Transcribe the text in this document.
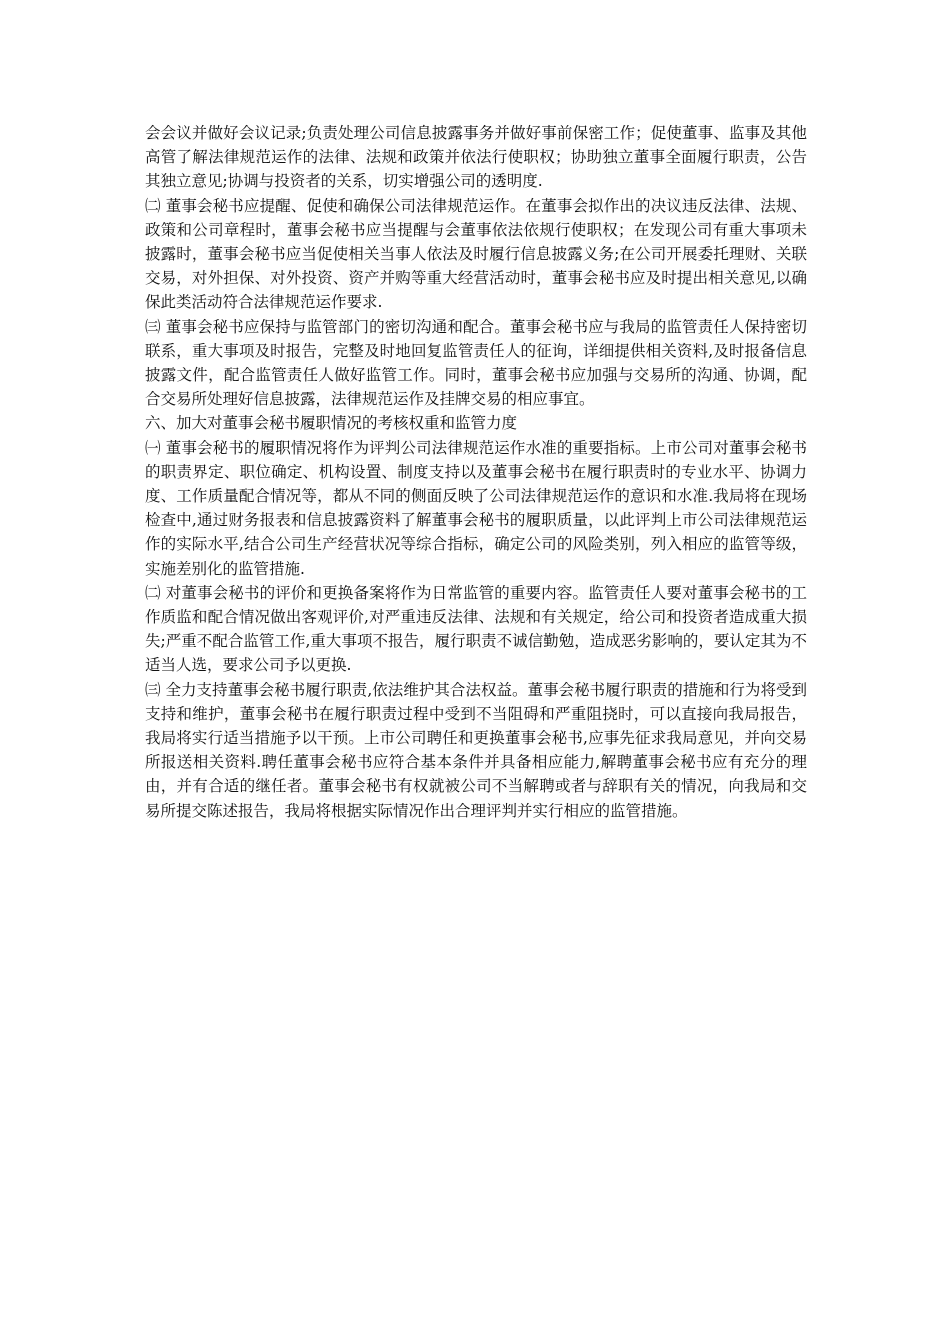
会会议并做好会议记录;负责处理公司信息披露事务并做好事前保密工作；促使董事、监事及其他高管了解法律规范运作的法律、法规和政策并依法行使职权；协助独立董事全面履行职责，公告其独立意见;协调与投资者的关系，切实增强公司的透明度.

㈡ 董事会秘书应提醒、促使和确保公司法律规范运作。在董事会拟作出的决议违反法律、法规、政策和公司章程时，董事会秘书应当提醒与会董事依法依规行使职权；在发现公司有重大事项未披露时，董事会秘书应当促使相关当事人依法及时履行信息披露义务;在公司开展委托理财、关联交易，对外担保、对外投资、资产并购等重大经营活动时，董事会秘书应及时提出相关意见,以确保此类活动符合法律规范运作要求.

㈢ 董事会秘书应保持与监管部门的密切沟通和配合。董事会秘书应与我局的监管责任人保持密切联系，重大事项及时报告，完整及时地回复监管责任人的征询，详细提供相关资料,及时报备信息披露文件，配合监管责任人做好监管工作。同时，董事会秘书应加强与交易所的沟通、协调，配合交易所处理好信息披露，法律规范运作及挂牌交易的相应事宜。

六、加大对董事会秘书履职情况的考核权重和监管力度

㈠ 董事会秘书的履职情况将作为评判公司法律规范运作水准的重要指标。上市公司对董事会秘书的职责界定、职位确定、机构设置、制度支持以及董事会秘书在履行职责时的专业水平、协调力度、工作质量配合情况等，都从不同的侧面反映了公司法律规范运作的意识和水准.我局将在现场检查中,通过财务报表和信息披露资料了解董事会秘书的履职质量，以此评判上市公司法律规范运作的实际水平,结合公司生产经营状况等综合指标，确定公司的风险类别，列入相应的监管等级，实施差别化的监管措施.

㈡ 对董事会秘书的评价和更换备案将作为日常监管的重要内容。监管责任人要对董事会秘书的工作质监和配合情况做出客观评价,对严重违反法律、法规和有关规定，给公司和投资者造成重大损失;严重不配合监管工作,重大事项不报告，履行职责不诚信勤勉，造成恶劣影响的，要认定其为不适当人选，要求公司予以更换.

㈢ 全力支持董事会秘书履行职责,依法维护其合法权益。董事会秘书履行职责的措施和行为将受到支持和维护，董事会秘书在履行职责过程中受到不当阻碍和严重阻挠时，可以直接向我局报告，我局将实行适当措施予以干预。上市公司聘任和更换董事会秘书,应事先征求我局意见，并向交易所报送相关资料.聘任董事会秘书应符合基本条件并具备相应能力,解聘董事会秘书应有充分的理由，并有合适的继任者。董事会秘书有权就被公司不当解聘或者与辞职有关的情况，向我局和交易所提交陈述报告，我局将根据实际情况作出合理评判并实行相应的监管措施。
